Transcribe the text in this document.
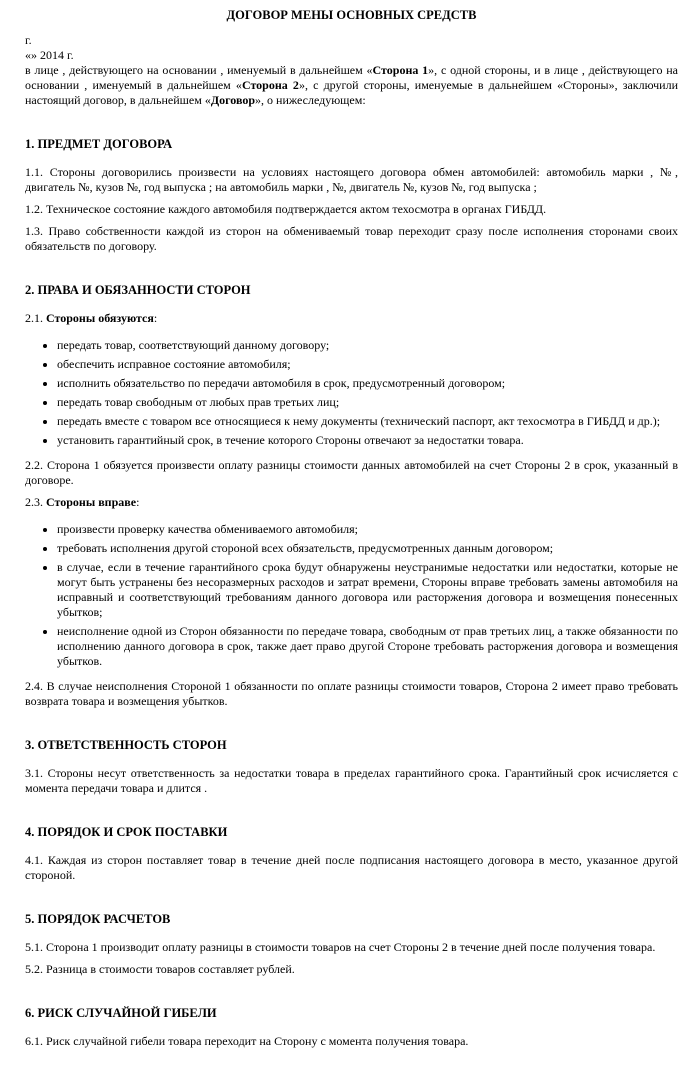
ДОГОВОР МЕНЫ ОСНОВНЫХ СРЕДСТВ
г.
«» 2014 г.

в лице , действующего на основании , именуемый в дальнейшем «Сторона 1», с одной стороны, и в лице , действующего на основании , именуемый в дальнейшем «Сторона 2», с другой стороны, именуемые в дальнейшем «Стороны», заключили настоящий договор, в дальнейшем «Договор», о нижеследующем:

1. ПРЕДМЕТ ДОГОВОРА

1.1. Стороны договорились произвести на условиях настоящего договора обмен автомобилей: автомобиль марки , №, двигатель №, кузов №, год выпуска ; на автомобиль марки , №, двигатель №, кузов №, год выпуска ;

1.2. Техническое состояние каждого автомобиля подтверждается актом техосмотра в органах ГИБДД.

1.3. Право собственности каждой из сторон на обмениваемый товар переходит сразу после исполнения сторонами своих обязательств по договору.

2. ПРАВА И ОБЯЗАННОСТИ СТОРОН

2.1. Стороны обязуются:

• передать товар, соответствующий данному договору;
• обеспечить исправное состояние автомобиля;
• исполнить обязательство по передачи автомобиля в срок, предусмотренный договором;
• передать товар свободным от любых прав третьих лиц;
• передать вместе с товаром все относящиеся к нему документы (технический паспорт, акт техосмотра в ГИБДД и др.);
• установить гарантийный срок, в течение которого Стороны отвечают за недостатки товара.

2.2. Сторона 1 обязуется произвести оплату разницы стоимости данных автомобилей на счет Стороны 2 в срок, указанный в договоре.

2.3. Стороны вправе:

• произвести проверку качества обмениваемого автомобиля;
• требовать исполнения другой стороной всех обязательств, предусмотренных данным договором;
• в случае, если в течение гарантийного срока будут обнаружены неустранимые недостатки или недостатки, которые не могут быть устранены без несоразмерных расходов и затрат времени, Стороны вправе требовать замены автомобиля на исправный и соответствующий требованиям данного договора или расторжения договора и возмещения понесенных убытков;
• неисполнение одной из Сторон обязанности по передаче товара, свободным от прав третьих лиц, а также обязанности по исполнению данного договора в срок, также дает право другой Стороне требовать расторжения договора и возмещения убытков.

2.4. В случае неисполнения Стороной 1 обязанности по оплате разницы стоимости товаров, Сторона 2 имеет право требовать возврата товара и возмещения убытков.

3. ОТВЕТСТВЕННОСТЬ СТОРОН

3.1. Стороны несут ответственность за недостатки товара в пределах гарантийного срока. Гарантийный срок исчисляется с момента передачи товара и длится .

4. ПОРЯДОК И СРОК ПОСТАВКИ

4.1. Каждая из сторон поставляет товар в течение дней после подписания настоящего договора в место, указанное другой стороной.

5. ПОРЯДОК РАСЧЕТОВ

5.1. Сторона 1 производит оплату разницы в стоимости товаров на счет Стороны 2 в течение дней после получения товара.

5.2. Разница в стоимости товаров составляет рублей.

6. РИСК СЛУЧАЙНОЙ ГИБЕЛИ

6.1. Риск случайной гибели товара переходит на Сторону с момента получения товара.
